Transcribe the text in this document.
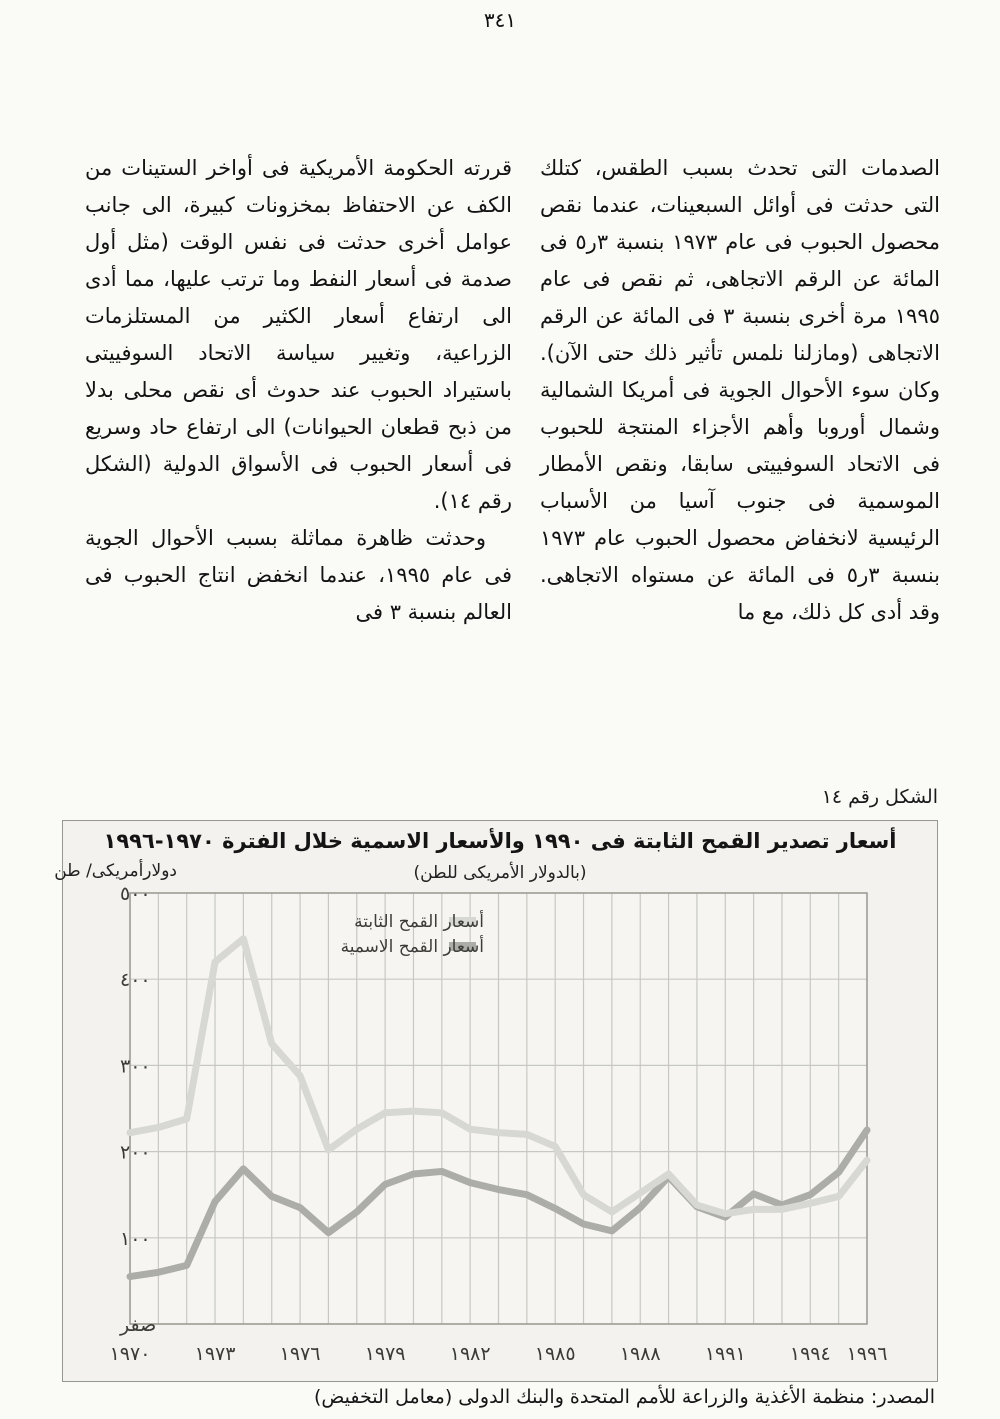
٣٤١

الصدمات التى تحدث بسبب الطقس، كتلك التى حدثت فى أوائل السبعينات، عندما نقص محصول الحبوب فى عام ١٩٧٣ بنسبة ٣ر٥ فى المائة عن الرقم الاتجاهى، ثم نقص فى عام ١٩٩٥ مرة أخرى بنسبة ٣ فى المائة عن الرقم الاتجاهى (ومازلنا نلمس تأثير ذلك حتى الآن). وكان سوء الأحوال الجوية فى أمريكا الشمالية وشمال أوروبا وأهم الأجزاء المنتجة للحبوب فى الاتحاد السوفييتى سابقا، ونقص الأمطار الموسمية فى جنوب آسيا من الأسباب الرئيسية لانخفاض محصول الحبوب عام ١٩٧٣ بنسبة ٣ر٥ فى المائة عن مستواه الاتجاهى. وقد أدى كل ذلك، مع ما

قررته الحكومة الأمريكية فى أواخر الستينات من الكف عن الاحتفاظ بمخزونات كبيرة، الى جانب عوامل أخرى حدثت فى نفس الوقت (مثل أول صدمة فى أسعار النفط وما ترتب عليها، مما أدى الى ارتفاع أسعار الكثير من المستلزمات الزراعية، وتغيير سياسة الاتحاد السوفييتى باستيراد الحبوب عند حدوث أى نقص محلى بدلا من ذبح قطعان الحيوانات) الى ارتفاع حاد وسريع فى أسعار الحبوب فى الأسواق الدولية (الشكل رقم ١٤).

وحدثت ظاهرة مماثلة بسبب الأحوال الجوية فى عام ١٩٩٥، عندما انخفض انتاج الحبوب فى العالم بنسبة ٣ فى

الشكل رقم ١٤
صفر
١٠٠
٢٠٠
٣٠٠
٤٠٠
٥٠٠
١٩٧٠ ١٩٧٣ ١٩٧٦ ١٩٧٩ ١٩٨٢ ١٩٨٥ ١٩٨٨ ١٩٩١ ١٩٩٤ ١٩٩٦
أسعار القمح الثابتة
أسعار القمح الاسمية
أسعار تصدير القمح الثابتة فى ١٩٩٠ والأسعار الاسمية خلال الفترة ١٩٧٠-١٩٩٦
(بالدولار الأمريكى للطن)
دولارأمريكى/ طن
المصدر: منظمة الأغذية والزراعة للأمم المتحدة والبنك الدولى (معامل التخفيض)
